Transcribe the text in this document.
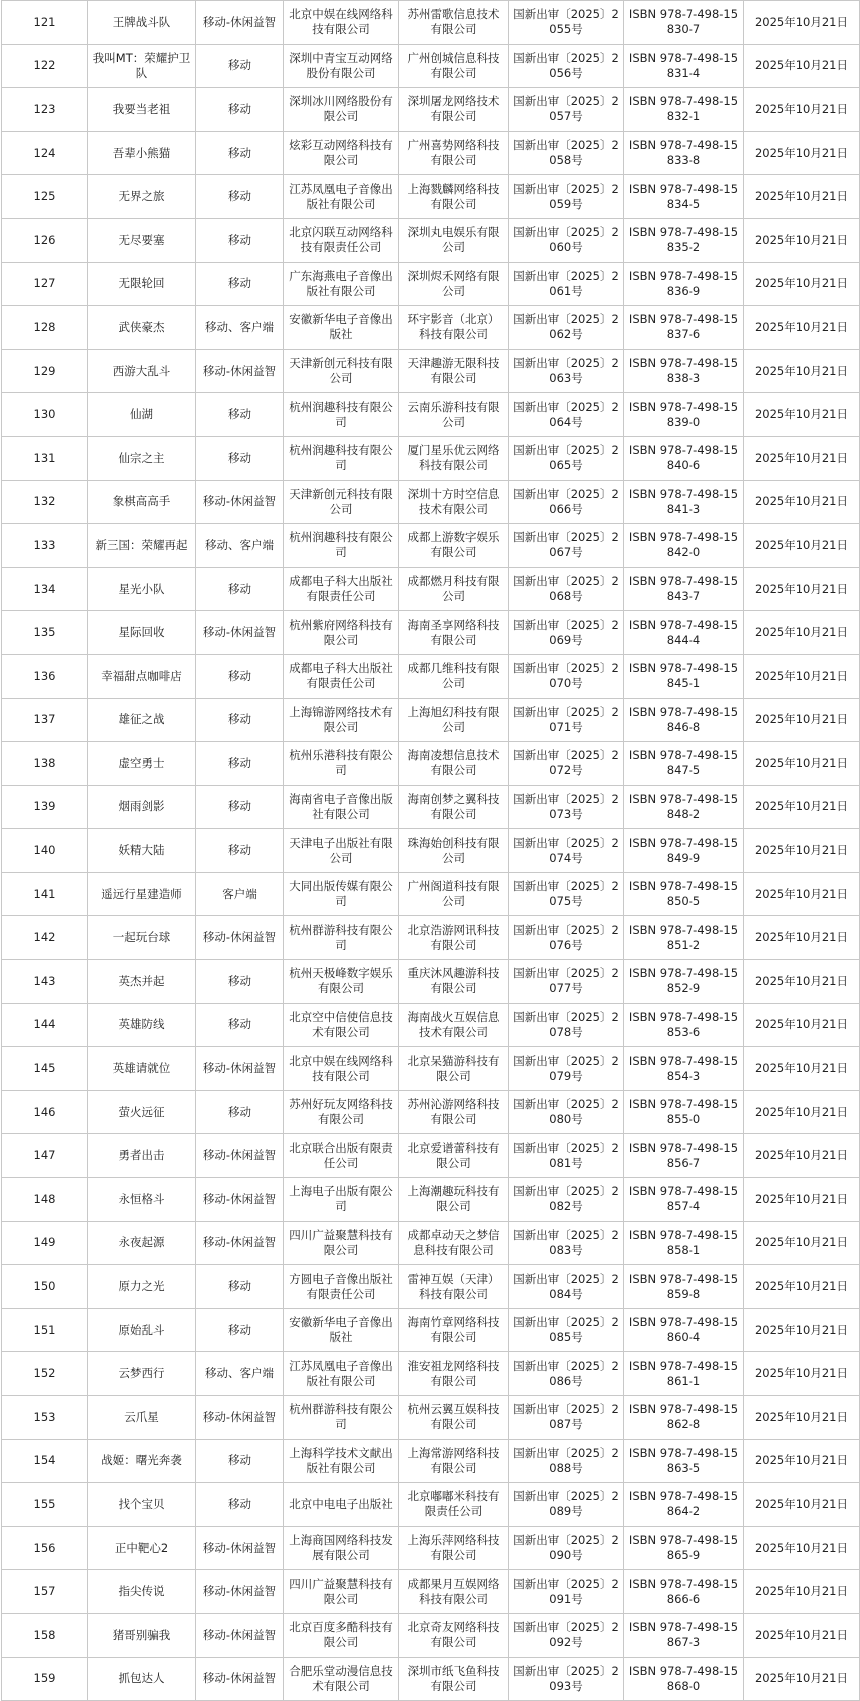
121	王牌战斗队	移动-休闲益智	北京中娱在线网络科技有限公司	苏州雷歌信息技术有限公司	国新出审〔2025〕2055号	ISBN 978-7-498-15830-7	2025年10月21日
122	我叫MT：荣耀护卫队	移动	深圳中青宝互动网络股份有限公司	广州创城信息科技有限公司	国新出审〔2025〕2056号	ISBN 978-7-498-15831-4	2025年10月21日
123	我要当老祖	移动	深圳冰川网络股份有限公司	深圳屠龙网络技术有限公司	国新出审〔2025〕2057号	ISBN 978-7-498-15832-1	2025年10月21日
124	吾辈小熊猫	移动	炫彩互动网络科技有限公司	广州喜势网络科技有限公司	国新出审〔2025〕2058号	ISBN 978-7-498-15833-8	2025年10月21日
125	无界之旅	移动	江苏凤凰电子音像出版社有限公司	上海戮麟网络科技有限公司	国新出审〔2025〕2059号	ISBN 978-7-498-15834-5	2025年10月21日
126	无尽要塞	移动	北京闪联互动网络科技有限责任公司	深圳丸电娱乐有限公司	国新出审〔2025〕2060号	ISBN 978-7-498-15835-2	2025年10月21日
127	无限轮回	移动	广东海燕电子音像出版社有限公司	深圳烬禾网络有限公司	国新出审〔2025〕2061号	ISBN 978-7-498-15836-9	2025年10月21日
128	武侠豪杰	移动、客户端	安徽新华电子音像出版社	环宇影音（北京）科技有限公司	国新出审〔2025〕2062号	ISBN 978-7-498-15837-6	2025年10月21日
129	西游大乱斗	移动-休闲益智	天津新创元科技有限公司	天津趣游无限科技有限公司	国新出审〔2025〕2063号	ISBN 978-7-498-15838-3	2025年10月21日
130	仙湖	移动	杭州润趣科技有限公司	云南乐游科技有限公司	国新出审〔2025〕2064号	ISBN 978-7-498-15839-0	2025年10月21日
131	仙宗之主	移动	杭州润趣科技有限公司	厦门星乐优云网络科技有限公司	国新出审〔2025〕2065号	ISBN 978-7-498-15840-6	2025年10月21日
132	象棋高高手	移动-休闲益智	天津新创元科技有限公司	深圳十方时空信息技术有限公司	国新出审〔2025〕2066号	ISBN 978-7-498-15841-3	2025年10月21日
133	新三国：荣耀再起	移动、客户端	杭州润趣科技有限公司	成都上游数字娱乐有限公司	国新出审〔2025〕2067号	ISBN 978-7-498-15842-0	2025年10月21日
134	星光小队	移动	成都电子科大出版社有限责任公司	成都燃月科技有限公司	国新出审〔2025〕2068号	ISBN 978-7-498-15843-7	2025年10月21日
135	星际回收	移动-休闲益智	杭州紫府网络科技有限公司	海南圣享网络科技有限公司	国新出审〔2025〕2069号	ISBN 978-7-498-15844-4	2025年10月21日
136	幸福甜点咖啡店	移动	成都电子科大出版社有限责任公司	成都几维科技有限公司	国新出审〔2025〕2070号	ISBN 978-7-498-15845-1	2025年10月21日
137	雄征之战	移动	上海锦游网络技术有限公司	上海旭幻科技有限公司	国新出审〔2025〕2071号	ISBN 978-7-498-15846-8	2025年10月21日
138	虚空勇士	移动	杭州乐港科技有限公司	海南凌想信息技术有限公司	国新出审〔2025〕2072号	ISBN 978-7-498-15847-5	2025年10月21日
139	烟雨剑影	移动	海南省电子音像出版社有限公司	海南创梦之翼科技有限公司	国新出审〔2025〕2073号	ISBN 978-7-498-15848-2	2025年10月21日
140	妖精大陆	移动	天津电子出版社有限公司	珠海始创科技有限公司	国新出审〔2025〕2074号	ISBN 978-7-498-15849-9	2025年10月21日
141	遥远行星建造师	客户端	大同出版传媒有限公司	广州阁道科技有限公司	国新出审〔2025〕2075号	ISBN 978-7-498-15850-5	2025年10月21日
142	一起玩台球	移动-休闲益智	杭州群游科技有限公司	北京浩游网讯科技有限公司	国新出审〔2025〕2076号	ISBN 978-7-498-15851-2	2025年10月21日
143	英杰并起	移动	杭州天极峰数字娱乐有限公司	重庆沐风趣游科技有限公司	国新出审〔2025〕2077号	ISBN 978-7-498-15852-9	2025年10月21日
144	英雄防线	移动	北京空中信使信息技术有限公司	海南战火互娱信息技术有限公司	国新出审〔2025〕2078号	ISBN 978-7-498-15853-6	2025年10月21日
145	英雄请就位	移动-休闲益智	北京中娱在线网络科技有限公司	北京呆猫游科技有限公司	国新出审〔2025〕2079号	ISBN 978-7-498-15854-3	2025年10月21日
146	萤火远征	移动	苏州好玩友网络科技有限公司	苏州沁游网络科技有限公司	国新出审〔2025〕2080号	ISBN 978-7-498-15855-0	2025年10月21日
147	勇者出击	移动-休闲益智	北京联合出版有限责任公司	北京爱谱蕾科技有限公司	国新出审〔2025〕2081号	ISBN 978-7-498-15856-7	2025年10月21日
148	永恒格斗	移动-休闲益智	上海电子出版有限公司	上海潮趣玩科技有限公司	国新出审〔2025〕2082号	ISBN 978-7-498-15857-4	2025年10月21日
149	永夜起源	移动-休闲益智	四川广益聚慧科技有限公司	成都卓动天之梦信息科技有限公司	国新出审〔2025〕2083号	ISBN 978-7-498-15858-1	2025年10月21日
150	原力之光	移动	方圆电子音像出版社有限责任公司	雷神互娱（天津）科技有限公司	国新出审〔2025〕2084号	ISBN 978-7-498-15859-8	2025年10月21日
151	原始乱斗	移动	安徽新华电子音像出版社	海南竹章网络科技有限公司	国新出审〔2025〕2085号	ISBN 978-7-498-15860-4	2025年10月21日
152	云梦西行	移动、客户端	江苏凤凰电子音像出版社有限公司	淮安祖龙网络科技有限公司	国新出审〔2025〕2086号	ISBN 978-7-498-15861-1	2025年10月21日
153	云爪星	移动-休闲益智	杭州群游科技有限公司	杭州云翼互娱科技有限公司	国新出审〔2025〕2087号	ISBN 978-7-498-15862-8	2025年10月21日
154	战姬：曙光奔袭	移动	上海科学技术文献出版社有限公司	上海常游网络科技有限公司	国新出审〔2025〕2088号	ISBN 978-7-498-15863-5	2025年10月21日
155	找个宝贝	移动	北京中电电子出版社	北京嘟嘟米科技有限责任公司	国新出审〔2025〕2089号	ISBN 978-7-498-15864-2	2025年10月21日
156	正中靶心2	移动-休闲益智	上海商国网络科技发展有限公司	上海乐萍网络科技有限公司	国新出审〔2025〕2090号	ISBN 978-7-498-15865-9	2025年10月21日
157	指尖传说	移动-休闲益智	四川广益聚慧科技有限公司	成都果月互娱网络科技有限公司	国新出审〔2025〕2091号	ISBN 978-7-498-15866-6	2025年10月21日
158	猪哥别骗我	移动-休闲益智	北京百度多酷科技有限公司	北京奇友网络科技有限公司	国新出审〔2025〕2092号	ISBN 978-7-498-15867-3	2025年10月21日
159	抓包达人	移动-休闲益智	合肥乐堂动漫信息技术有限公司	深圳市纸飞鱼科技有限公司	国新出审〔2025〕2093号	ISBN 978-7-498-15868-0	2025年10月21日
